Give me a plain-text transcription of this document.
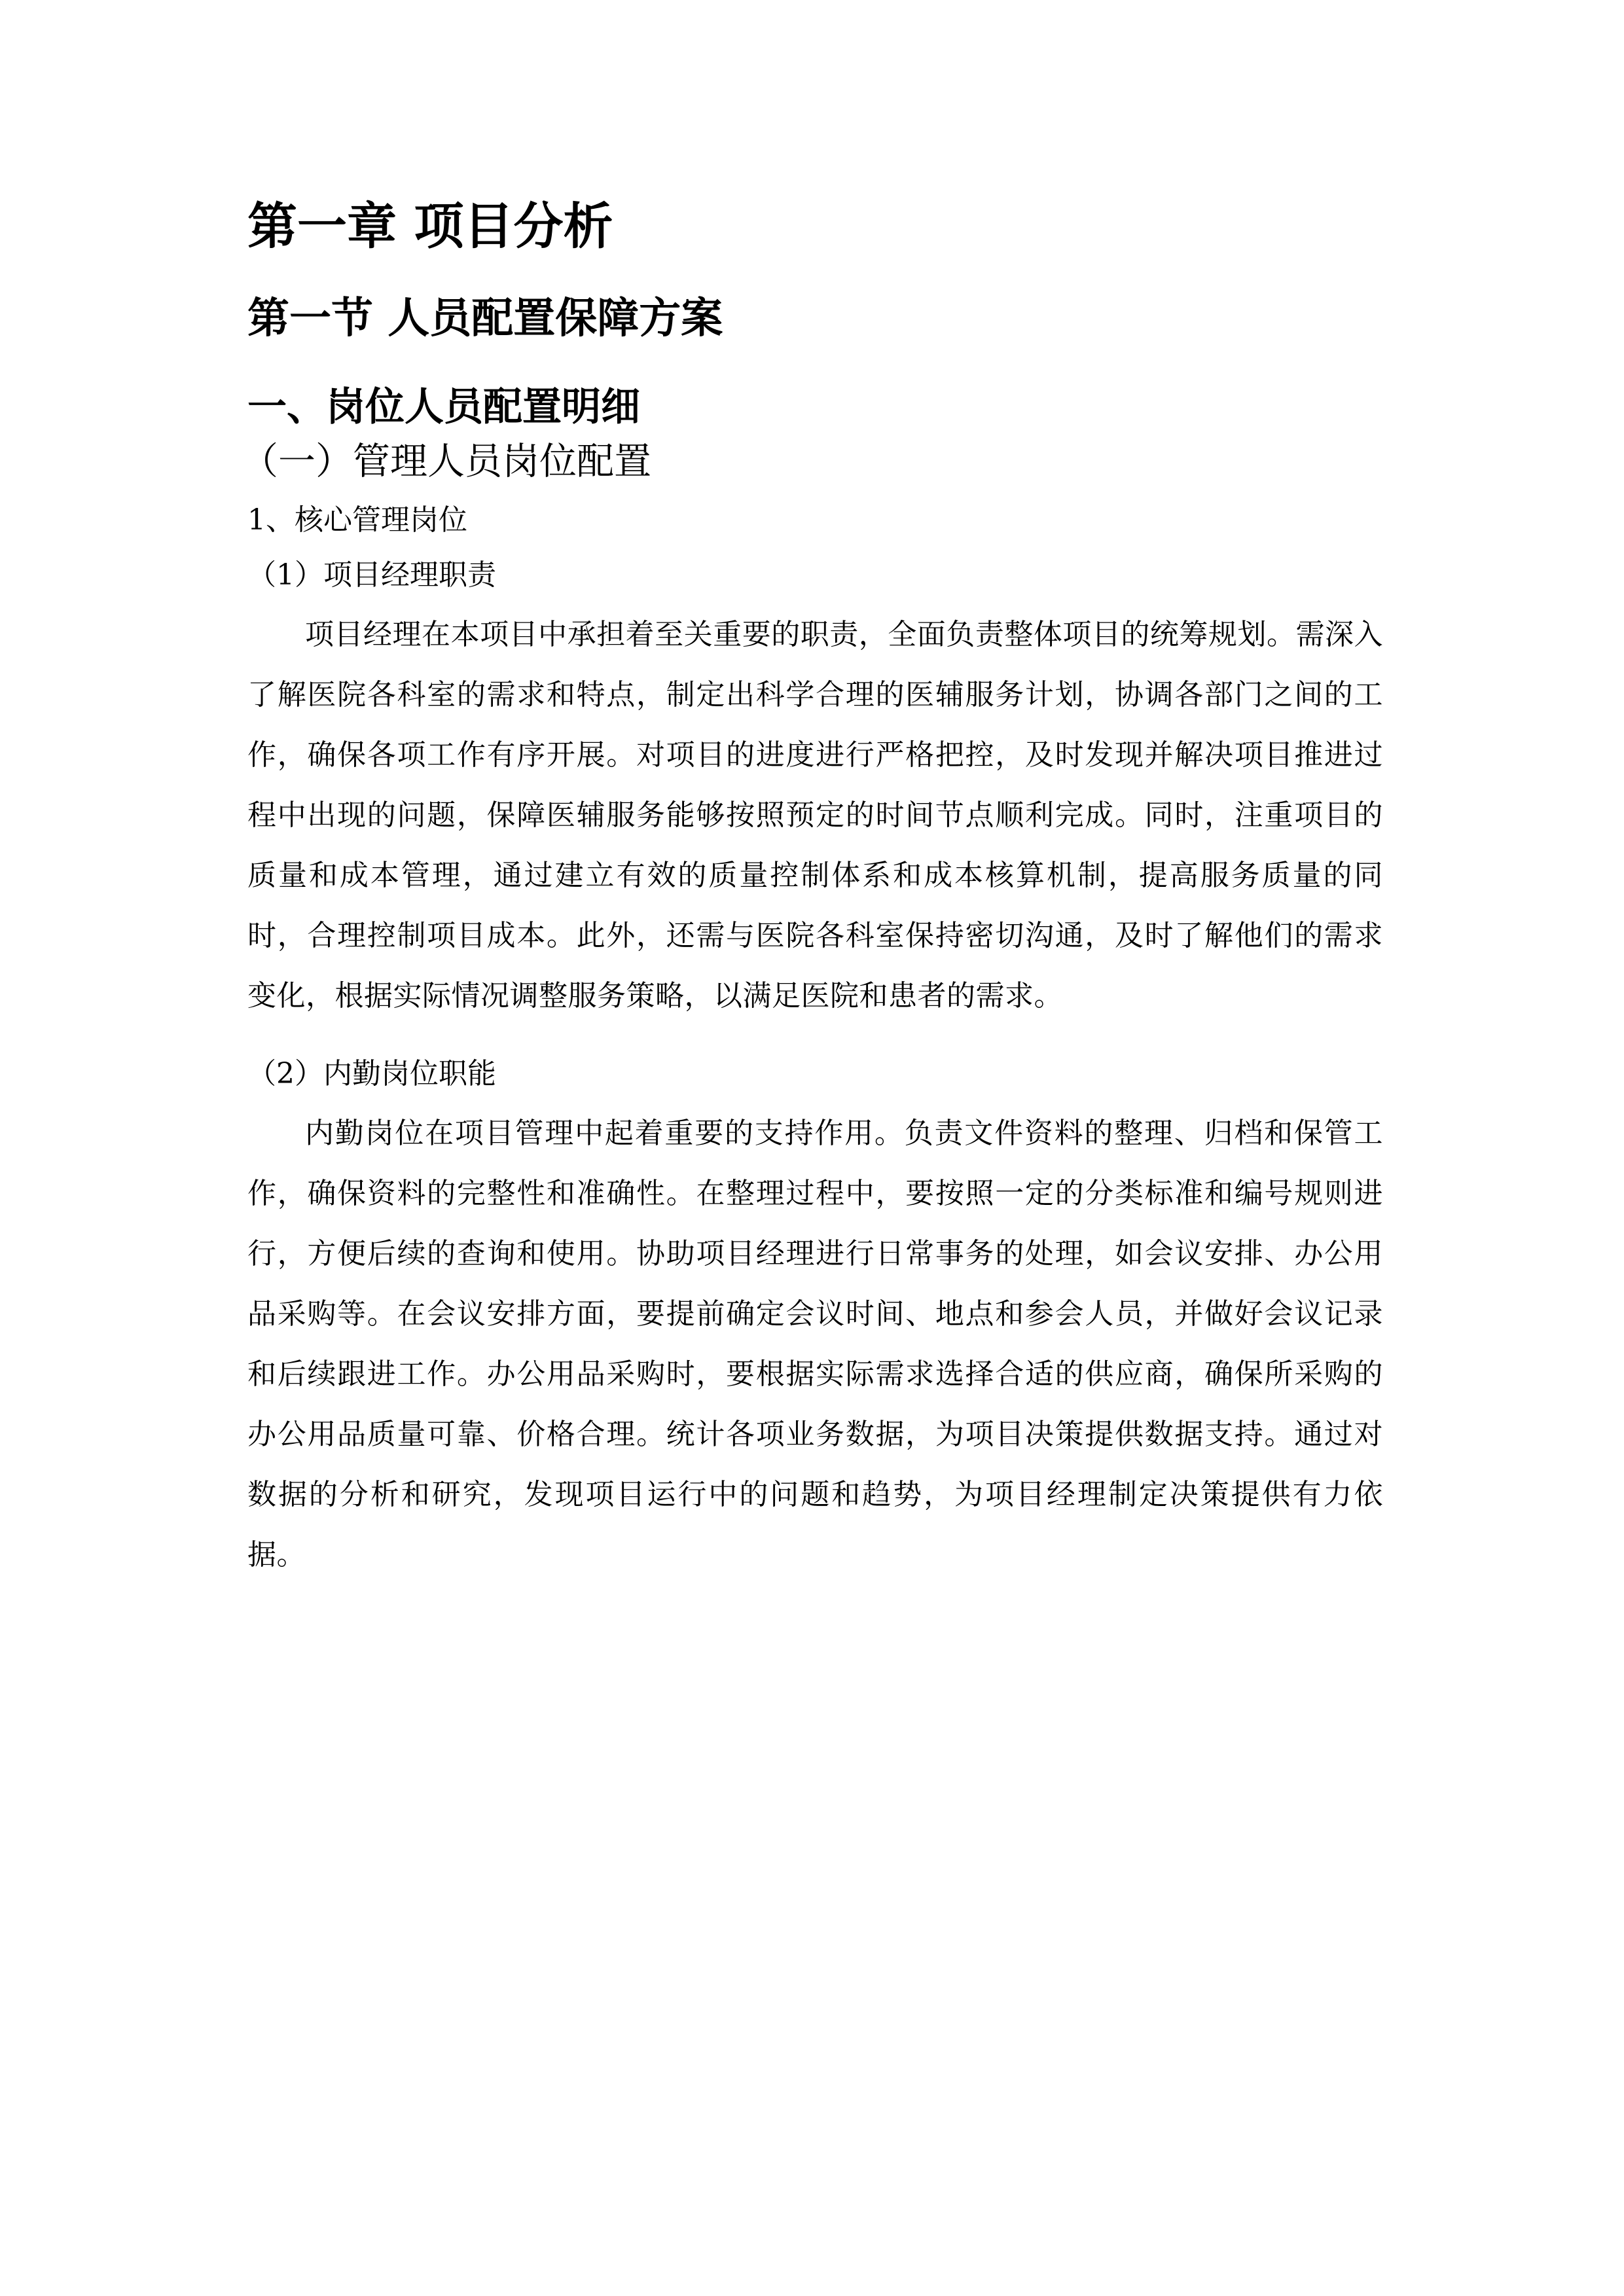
第一章 项目分析
第一节 人员配置保障方案
一、岗位人员配置明细
（一）管理人员岗位配置
1、核心管理岗位
（1）项目经理职责

项目经理在本项目中承担着至关重要的职责，全面负责整体项目的统筹规划。需深入了解医院各科室的需求和特点，制定出科学合理的医辅服务计划，协调各部门之间的工作，确保各项工作有序开展。对项目的进度进行严格把控，及时发现并解决项目推进过程中出现的问题，保障医辅服务能够按照预定的时间节点顺利完成。同时，注重项目的质量和成本管理，通过建立有效的质量控制体系和成本核算机制，提高服务质量的同时，合理控制项目成本。此外，还需与医院各科室保持密切沟通，及时了解他们的需求变化，根据实际情况调整服务策略，以满足医院和患者的需求。

（2）内勤岗位职能

内勤岗位在项目管理中起着重要的支持作用。负责文件资料的整理、归档和保管工作，确保资料的完整性和准确性。在整理过程中，要按照一定的分类标准和编号规则进行，方便后续的查询和使用。协助项目经理进行日常事务的处理，如会议安排、办公用品采购等。在会议安排方面，要提前确定会议时间、地点和参会人员，并做好会议记录和后续跟进工作。办公用品采购时，要根据实际需求选择合适的供应商，确保所采购的办公用品质量可靠、价格合理。统计各项业务数据，为项目决策提供数据支持。通过对数据的分析和研究，发现项目运行中的问题和趋势，为项目经理制定决策提供有力依据。
